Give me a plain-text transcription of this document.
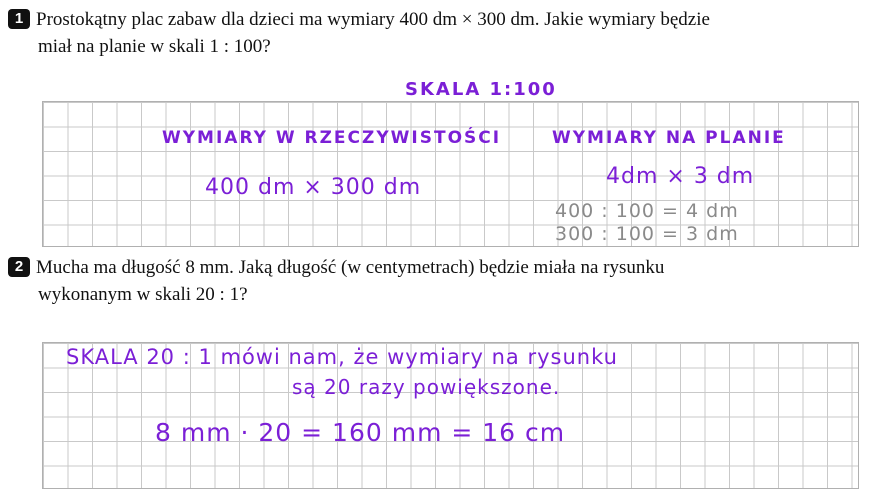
1 Prostokątny plac zabaw dla dzieci ma wymiary 400 dm × 300 dm. Jakie wymiary będzie
miał na planie w skali 1 : 100?
SKALA 1:100
WYMIARY W RZECZYWISTOŚCI
400 dm × 300 dm
WYMIARY NA PLANIE
4dm × 3 dm
400 : 100 = 4 dm
300 : 100 = 3 dm
2 Mucha ma długość 8 mm. Jaką długość (w centymetrach) będzie miała na rysunku
wykonanym w skali 20 : 1?
SKALA 20 : 1 mówi nam, że wymiary na rysunku
są 20 razy powiększone.
8 mm · 20 = 160 mm = 16 cm
